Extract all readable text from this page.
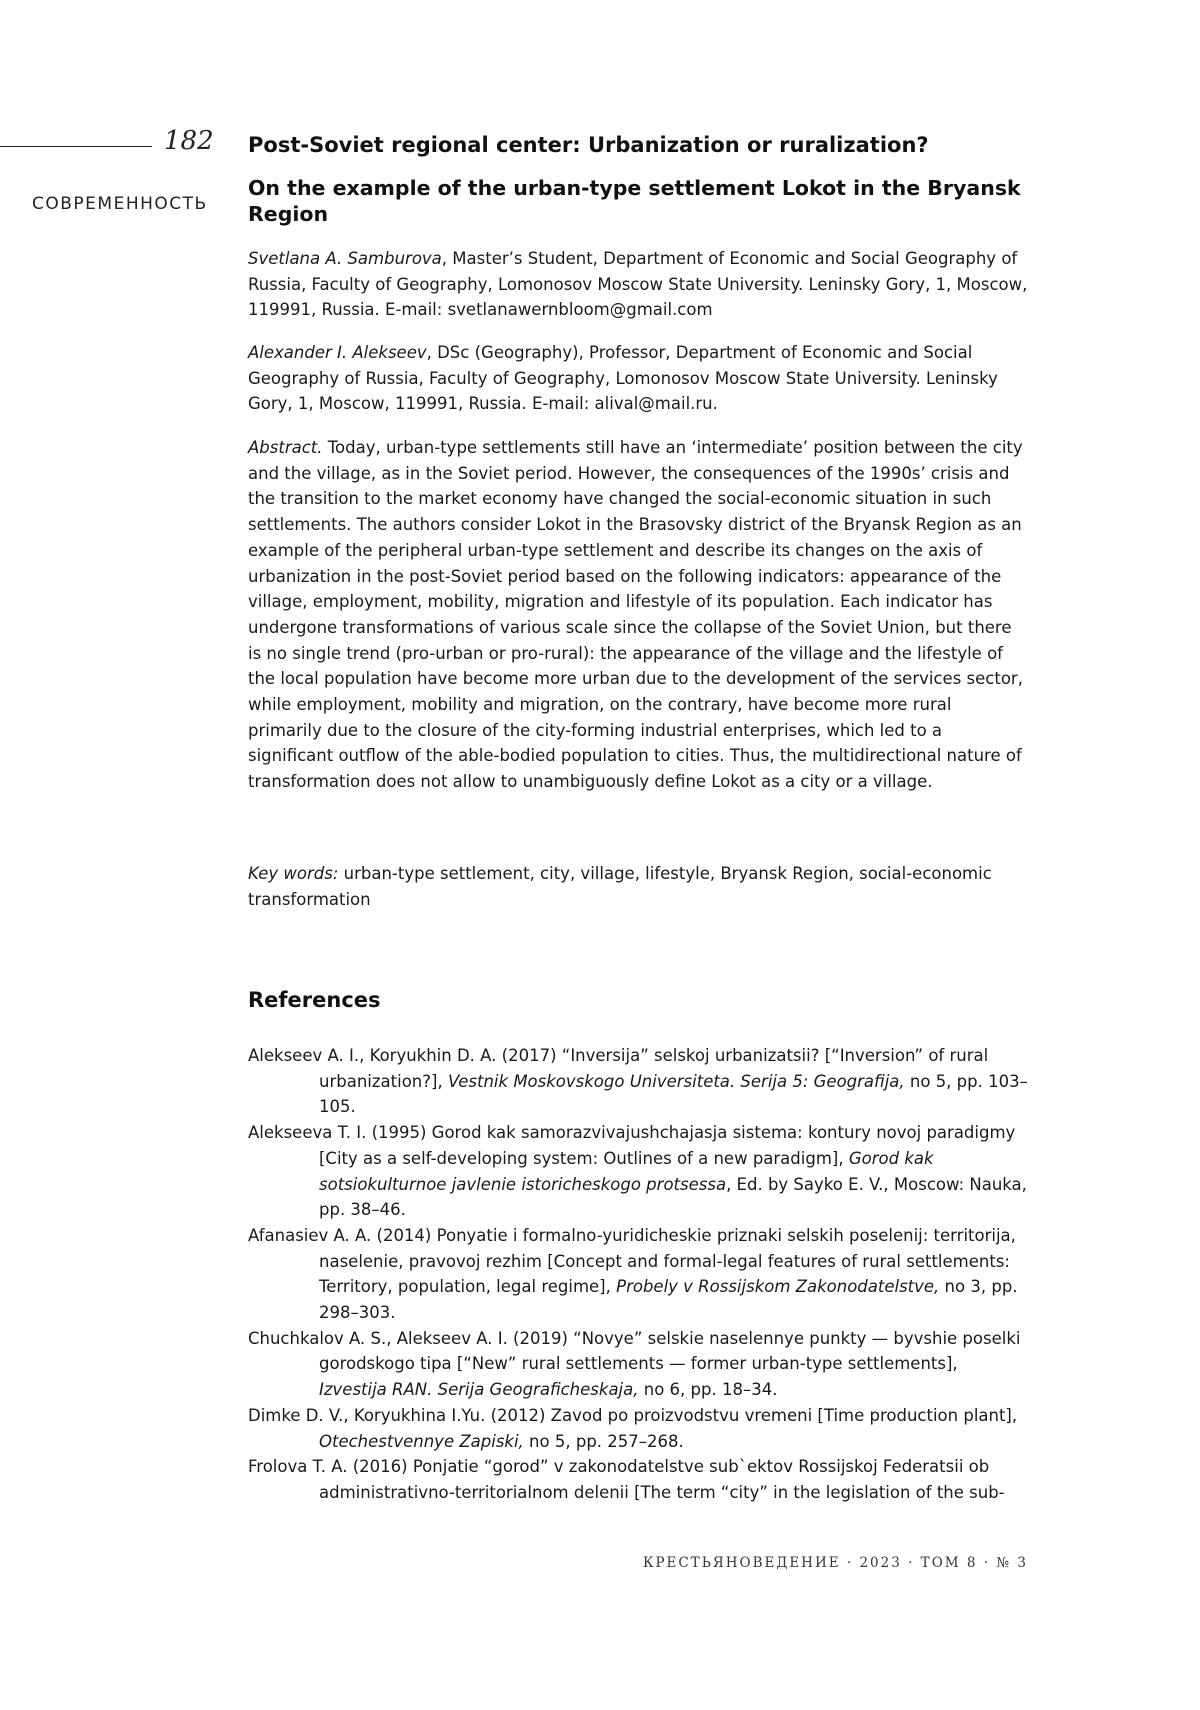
182
СОВРЕМЕННОСТЬ
Post-Soviet regional center: Urbanization or ruralization?
On the example of the urban-type settlement Lokot in the Bryansk Region
Svetlana A. Samburova, Master’s Student, Department of Economic and Social Geography of Russia, Faculty of Geography, Lomonosov Moscow State University. Leninsky Gory, 1, Moscow, 119991, Russia. E-mail: svetlanawernbloom@gmail.com
Alexander I. Alekseev, DSc (Geography), Professor, Department of Economic and Social Geography of Russia, Faculty of Geography, Lomonosov Moscow State University. Leninsky Gory, 1, Moscow, 119991, Russia. E-mail: alival@mail.ru.
Abstract. Today, urban-type settlements still have an ‘intermediate’ position between the city and the village, as in the Soviet period. However, the consequences of the 1990s’ crisis and the transition to the market economy have changed the social-economic situation in such settlements. The authors consider Lokot in the Brasovsky district of the Bryansk Region as an example of the peripheral urban-type settlement and describe its changes on the axis of urbanization in the post-Soviet period based on the following indicators: appearance of the village, employment, mobility, migration and lifestyle of its population. Each indicator has undergone transformations of various scale since the collapse of the Soviet Union, but there is no single trend (pro-urban or pro-rural): the appearance of the village and the lifestyle of the local population have become more urban due to the development of the services sector, while employment, mobility and migration, on the contrary, have become more rural primarily due to the closure of the city-forming industrial enterprises, which led to a significant outflow of the able-bodied population to cities. Thus, the multidirectional nature of transformation does not allow to unambiguously define Lokot as a city or a village.
Key words: urban-type settlement, city, village, lifestyle, Bryansk Region, social-economic transformation
References

Alekseev A. I., Koryukhin D. A. (2017) “Inversija” selskoj urbanizatsii? [“Inversion” of rural urbanization?], Vestnik Moskovskogo Universiteta. Serija 5: Geografija, no 5, pp. 103–105.

Alekseeva T. I. (1995) Gorod kak samorazvivajushchajasja sistema: kontury novoj paradigmy [City as a self-developing system: Outlines of a new paradigm], Gorod kak sotsiokulturnoe javlenie istoricheskogo protsessa, Ed. by Sayko E. V., Moscow: Nauka, pp. 38–46.

Afanasiev A. A. (2014) Ponyatie i formalno-yuridicheskie priznaki selskih poselenij: territorija, naselenie, pravovoj rezhim [Concept and formal-legal features of rural settlements: Territory, population, legal regime], Probely v Rossijskom Zakonodatelstve, no 3, pp. 298–303.

Chuchkalov A. S., Alekseev A. I. (2019) “Novye” selskie naselennye punkty — byvshie poselki gorodskogo tipa [“New” rural settlements — former urban-type settlements], Izvestija RAN. Serija Geograficheskaja, no 6, pp. 18–34.

Dimke D. V., Koryukhina I.Yu. (2012) Zavod po proizvodstvu vremeni [Time production plant], Otechestvennye Zapiski, no 5, pp. 257–268.

Frolova T. A. (2016) Ponjatie “gorod” v zakonodatelstve sub`ektov Rossijskoj Federatsii ob administrativno-territorialnom delenii [The term “city” in the legislation of the sub-

КРЕСТЬЯНОВЕДЕНИЕ · 2023 · ТОМ 8 · № 3
